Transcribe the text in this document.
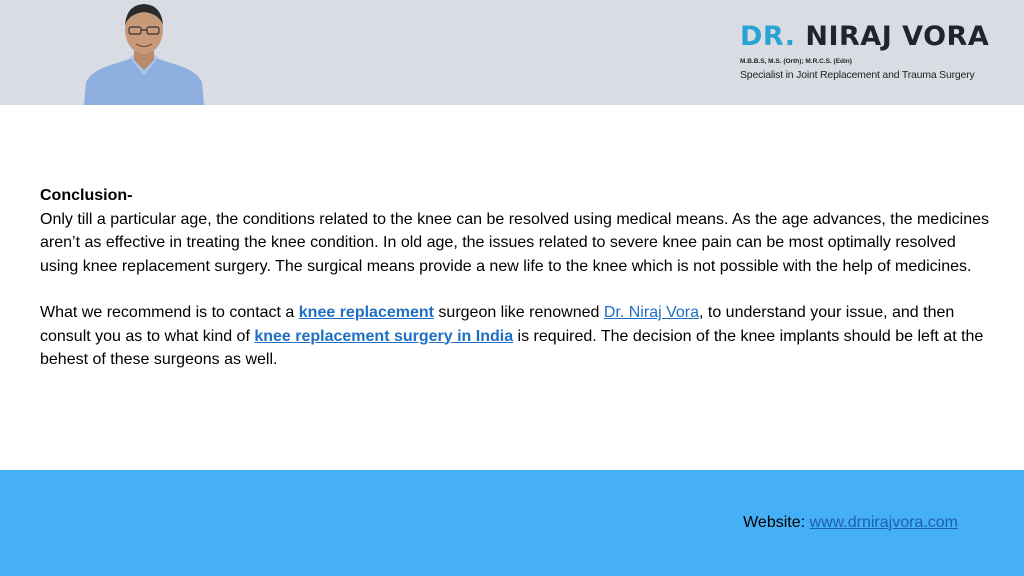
DR. NIRAJ VORA
M.B.B.S, M.S. (Orth); M.R.C.S. (Edin)
Specialist in Joint Replacement and Trauma Surgery

Conclusion-

Only till a particular age, the conditions related to the knee can be resolved using medical means. As the age advances, the medicines aren’t as effective in treating the knee condition. In old age, the issues related to severe knee pain can be most optimally resolved using knee replacement surgery. The surgical means provide a new life to the knee which is not possible with the help of medicines.

What we recommend is to contact a knee replacement surgeon like renowned Dr. Niraj Vora, to understand your issue, and then consult you as to what kind of knee replacement surgery in India is required. The decision of the knee implants should be left at the behest of these surgeons as well.

Website: www.drnirajvora.com
